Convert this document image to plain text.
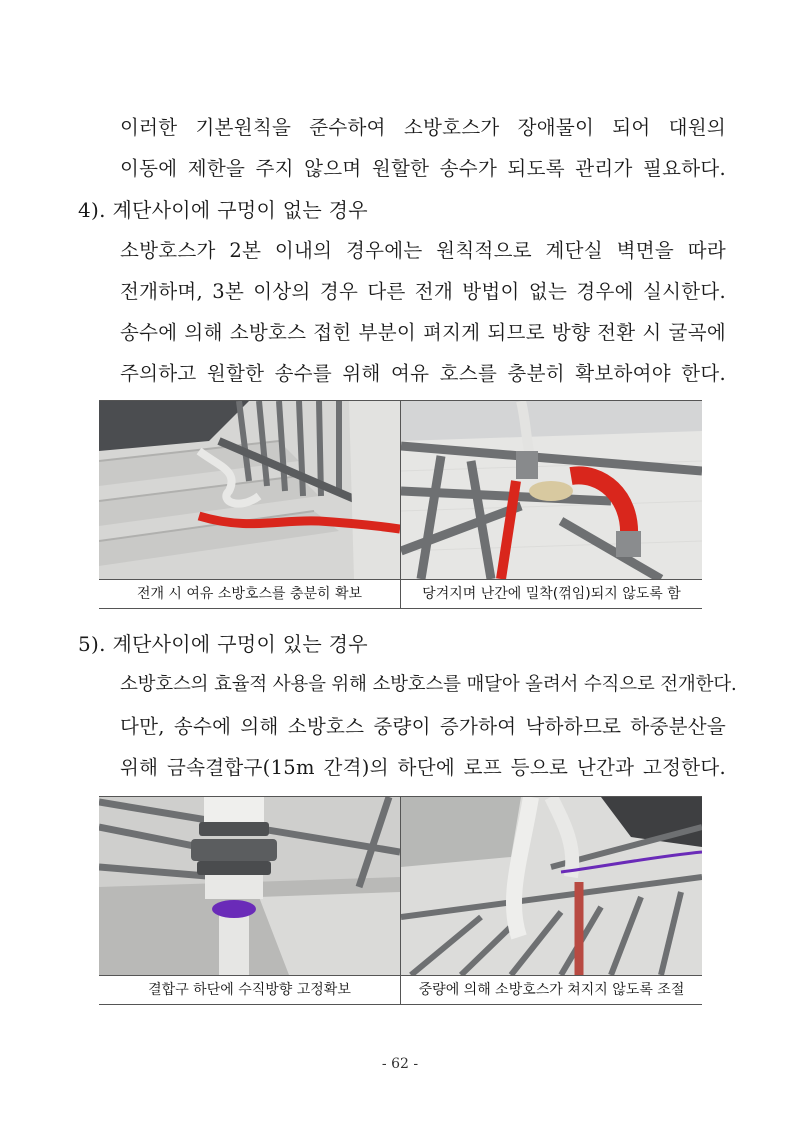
이러한 기본원칙을 준수하여 소방호스가 장애물이 되어 대원의
이동에 제한을 주지 않으며 원할한 송수가 되도록 관리가 필요하다.
4). 계단사이에 구멍이 없는 경우
소방호스가 2본 이내의 경우에는 원칙적으로 계단실 벽면을 따라
전개하며, 3본 이상의 경우 다른 전개 방법이 없는 경우에 실시한다.
송수에 의해 소방호스 접힌 부분이 펴지게 되므로 방향 전환 시 굴곡에
주의하고 원할한 송수를 위해 여유 호스를 충분히 확보하여야 한다.
전개 시 여유 소방호스를 충분히 확보	당겨지며 난간에 밀착(꺾임)되지 않도록 함
5). 계단사이에 구멍이 있는 경우
소방호스의 효율적 사용을 위해 소방호스를 매달아 올려서 수직으로 전개한다.
다만, 송수에 의해 소방호스 중량이 증가하여 낙하하므로 하중분산을
위해 금속결합구(15m 간격)의 하단에 로프 등으로 난간과 고정한다.
결합구 하단에 수직방향 고정확보	중량에 의해 소방호스가 쳐지지 않도록 조절
- 62 -
